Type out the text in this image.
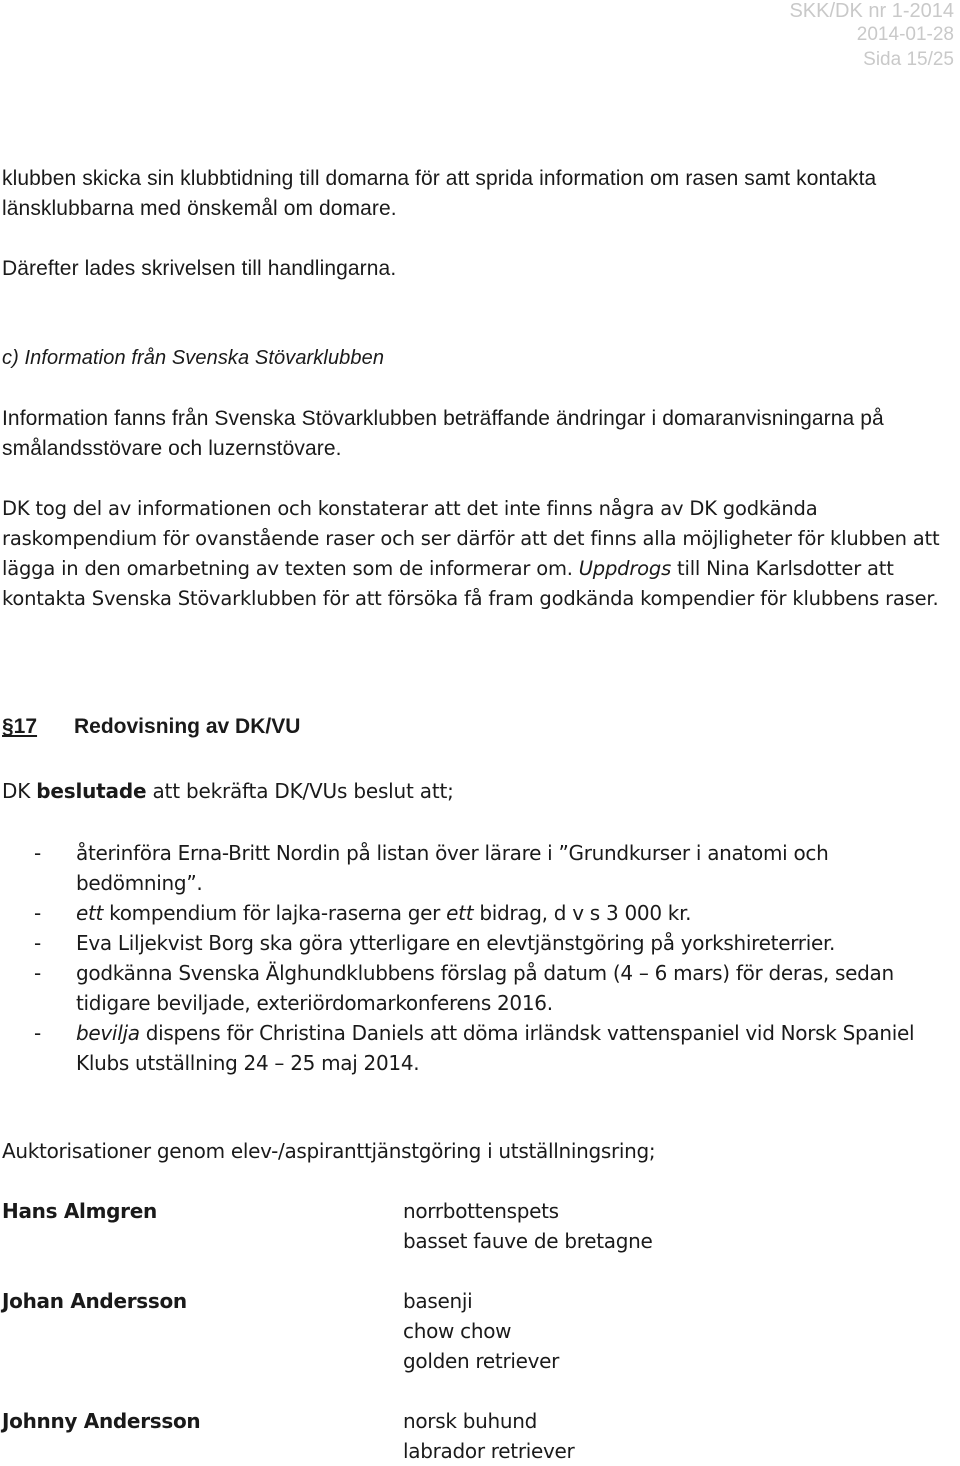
SKK/DK nr 1-2014
2014-01-28
Sida 15/25

klubben skicka sin klubbtidning till domarna för att sprida information om rasen samt kontakta länsklubbarna med önskemål om domare.

Därefter lades skrivelsen till handlingarna.

c) Information från Svenska Stövarklubben

Information fanns från Svenska Stövarklubben beträffande ändringar i domaranvisningarna på smålandsstövare och luzernstövare.

DK tog del av informationen och konstaterar att det inte finns några av DK godkända raskompendium för ovanstående raser och ser därför att det finns alla möjligheter för klubben att lägga in den omarbetning av texten som de informerar om. Uppdrogs till Nina Karlsdotter att kontakta Svenska Stövarklubben för att försöka få fram godkända kompendier för klubbens raser.

§17 Redovisning av DK/VU

DK beslutade att bekräfta DK/VUs beslut att;

- återinföra Erna-Britt Nordin på listan över lärare i ”Grundkurser i anatomi och bedömning”.
- ett kompendium för lajka-raserna ger ett bidrag, d v s 3 000 kr.
- Eva Liljekvist Borg ska göra ytterligare en elevtjänstgöring på yorkshireterrier.
- godkänna Svenska Älghundklubbens förslag på datum (4 – 6 mars) för deras, sedan tidigare beviljade, exteriördomarkonferens 2016.
- bevilja dispens för Christina Daniels att döma irländsk vattenspaniel vid Norsk Spaniel Klubs utställning 24 – 25 maj 2014.

Auktorisationer genom elev-/aspiranttjänstgöring i utställningsring;

Hans Almgren	norrbottenspets
basset fauve de bretagne
Johan Andersson	basenji
chow chow
golden retriever
Johnny Andersson	norsk buhund
labrador retriever
